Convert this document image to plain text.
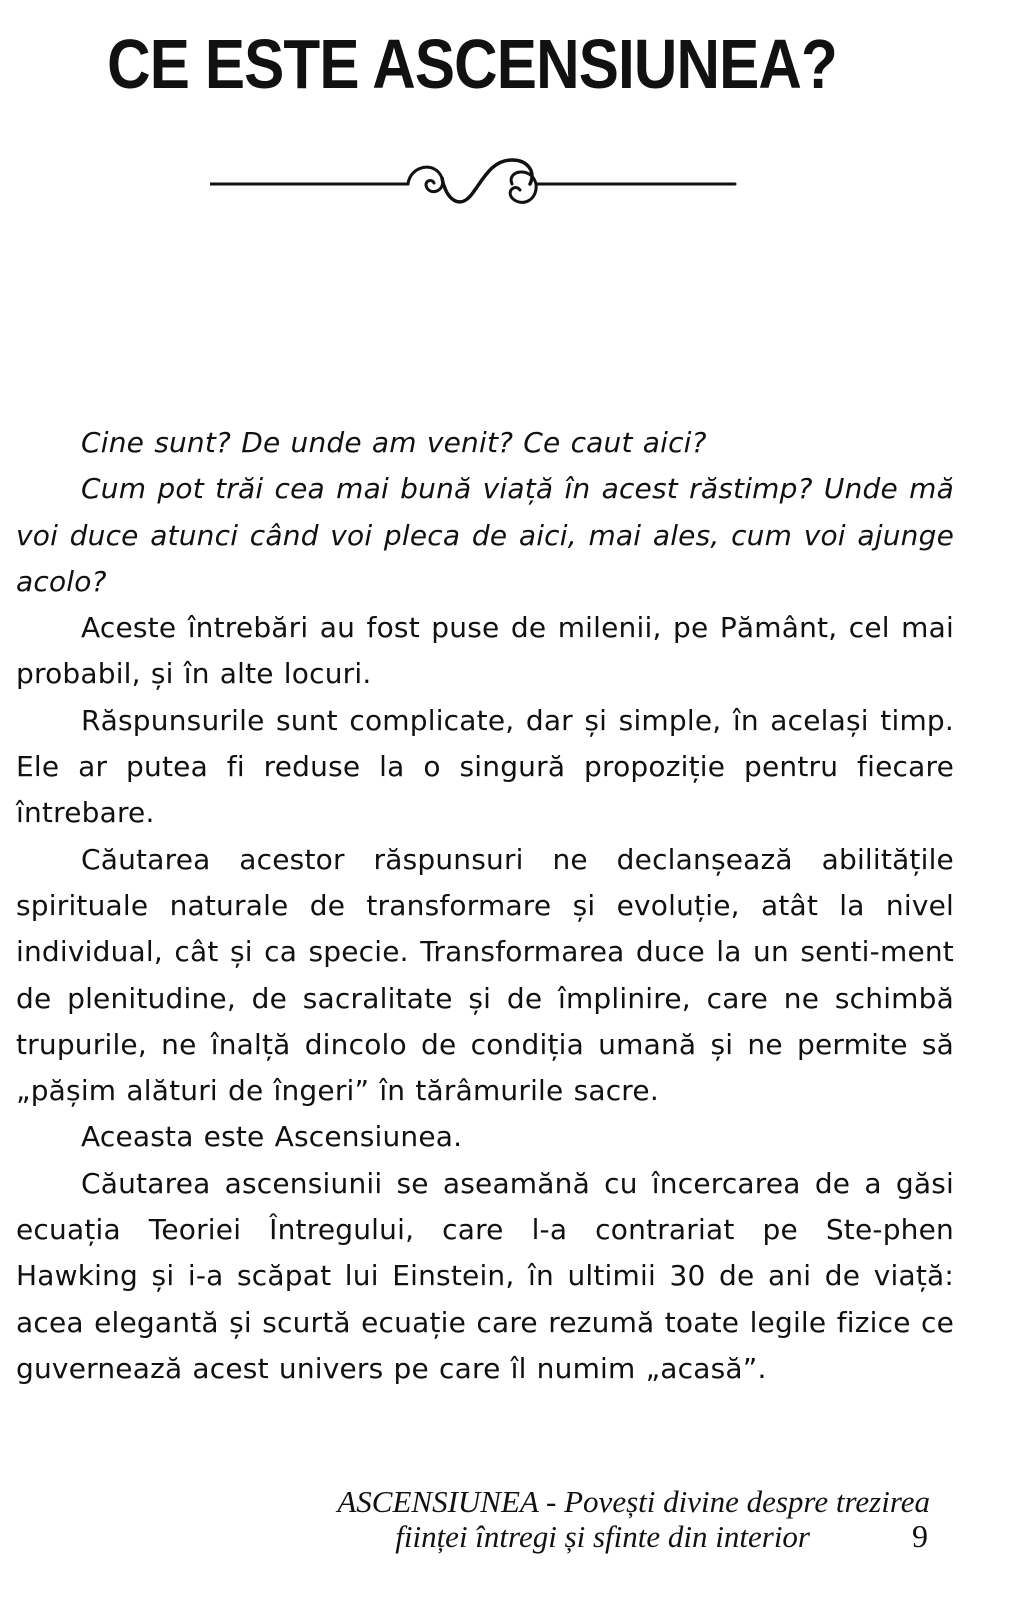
CE ESTE ASCENSIUNEA?

Cine sunt? De unde am venit? Ce caut aici?

Cum pot trăi cea mai bună viață în acest răstimp? Unde mă voi duce atunci când voi pleca de aici, mai ales, cum voi ajunge acolo?

Aceste întrebări au fost puse de milenii, pe Pământ, cel mai probabil, și în alte locuri.

Răspunsurile sunt complicate, dar și simple, în același timp. Ele ar putea fi reduse la o singură propoziție pentru fiecare întrebare.

Căutarea acestor răspunsuri ne declanșează abilitățile spirituale naturale de transformare și evoluție, atât la nivel individual, cât și ca specie. Transformarea duce la un senti-ment de plenitudine, de sacralitate și de împlinire, care ne schimbă trupurile, ne înalță dincolo de condiția umană și ne permite să „pășim alături de îngeri” în tărâmurile sacre.

Aceasta este Ascensiunea.

Căutarea ascensiunii se aseamănă cu încercarea de a găsi ecuația Teoriei Întregului, care l-a contrariat pe Ste-phen Hawking și i-a scăpat lui Einstein, în ultimii 30 de ani de viață: acea elegantă și scurtă ecuație care rezumă toate legile fizice ce guvernează acest univers pe care îl numim „acasă”.

ASCENSIUNEA - Povești divine despre trezirea
ființei întregi și sfinte din interior	9
